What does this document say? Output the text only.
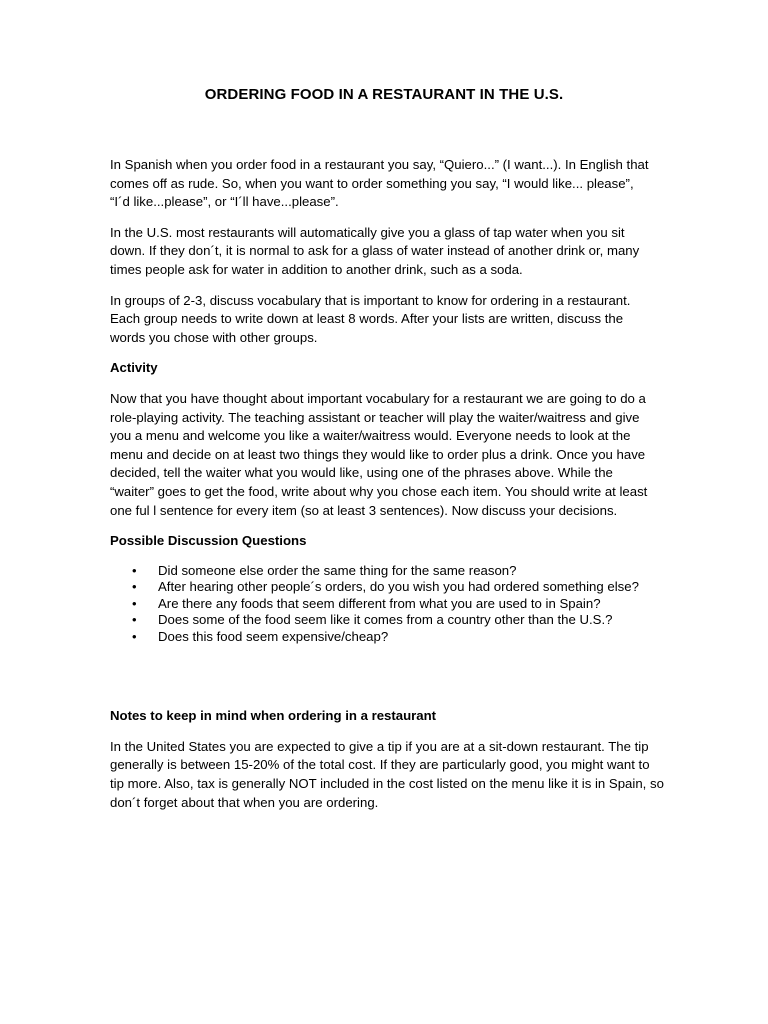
ORDERING FOOD IN A RESTAURANT IN THE U.S.

In Spanish when you order food in a restaurant you say, “Quiero...” (I want...). In English that
comes off as rude. So, when you want to order something you say, “I would like... please”,
“I´d like...please”, or “I´ll have...please”.

In the U.S. most restaurants will automatically give you a glass of tap water when you sit
down. If they don´t, it is normal to ask for a glass of water instead of another drink or, many
times people ask for water in addition to another drink, such as a soda.

In groups of 2-3, discuss vocabulary that is important to know for ordering in a restaurant.
Each group needs to write down at least 8 words. After your lists are written, discuss the
words you chose with other groups.

Activity

Now that you have thought about important vocabulary for a restaurant we are going to do a
role-playing activity. The teaching assistant or teacher will play the waiter/waitress and give
you a menu and welcome you like a waiter/waitress would. Everyone needs to look at the
menu and decide on at least two things they would like to order plus a drink. Once you have
decided, tell the waiter what you would like, using one of the phrases above. While the
“waiter” goes to get the food, write about why you chose each item. You should write at least
one ful l sentence for every item (so at least 3 sentences). Now discuss your decisions.

Possible Discussion Questions
• Did someone else order the same thing for the same reason?
• After hearing other people´s orders, do you wish you had ordered something else?
• Are there any foods that seem different from what you are used to in Spain?
• Does some of the food seem like it comes from a country other than the U.S.?
• Does this food seem expensive/cheap?
Notes to keep in mind when ordering in a restaurant

In the United States you are expected to give a tip if you are at a sit-down restaurant. The tip
generally is between 15-20% of the total cost. If they are particularly good, you might want to
tip more. Also, tax is generally NOT included in the cost listed on the menu like it is in Spain, so
don´t forget about that when you are ordering.
